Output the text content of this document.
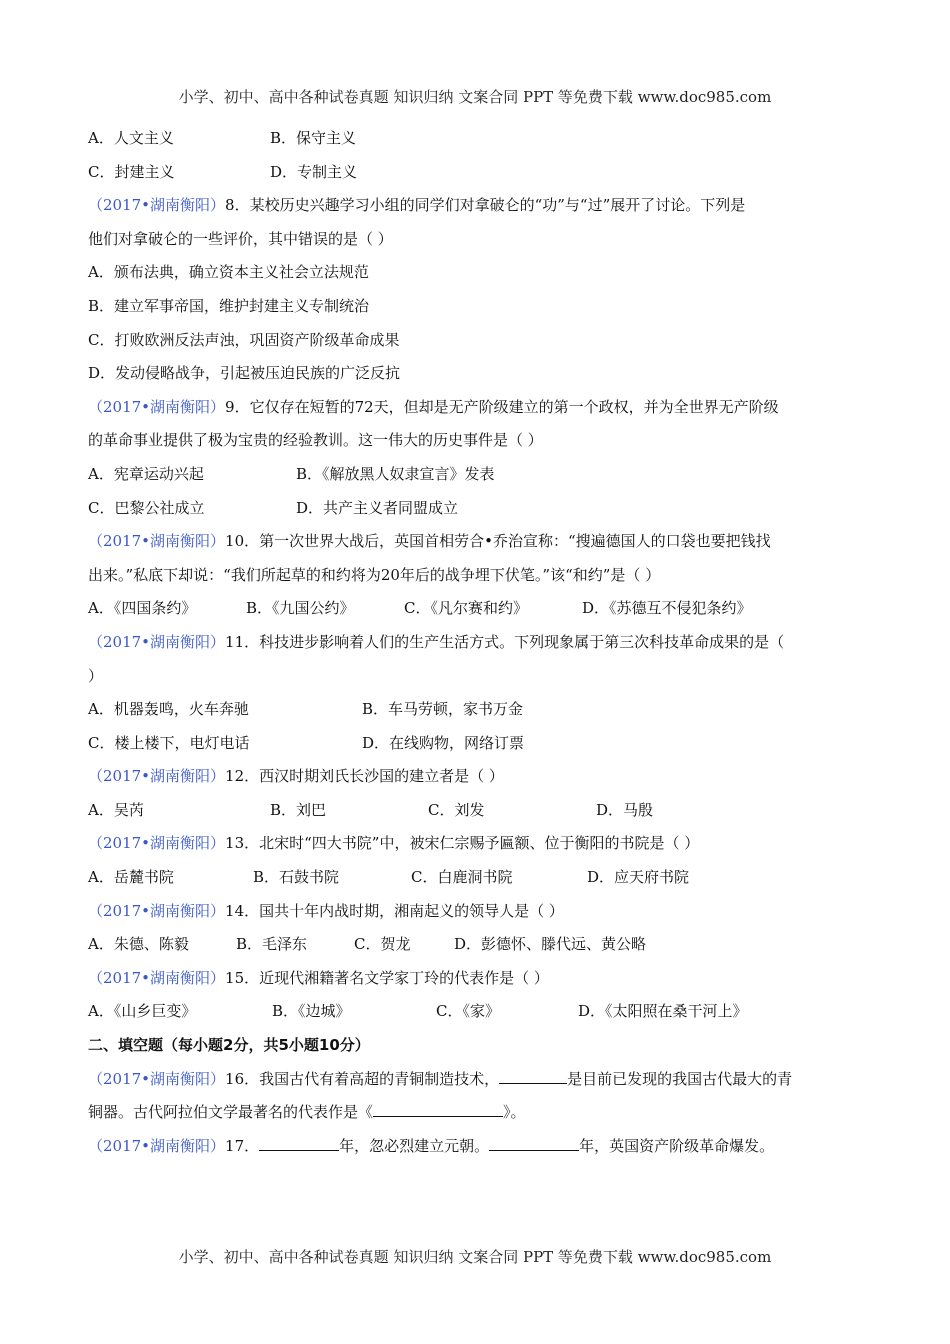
小学、初中、高中各种试卷真题 知识归纳 文案合同 PPT 等免费下载 www.doc985.com
A．人文主义	B．保守主义
C．封建主义	D．专制主义
（2017•湖南衡阳）8．某校历史兴趣学习小组的同学们对拿破仑的“功”与“过”展开了讨论。下列是
他们对拿破仑的一些评价，其中错误的是（ ）
A．颁布法典，确立资本主义社会立法规范
B．建立军事帝国，维护封建主义专制统治
C．打败欧洲反法声浊，巩固资产阶级革命成果
D．发动侵略战争，引起被压迫民族的广泛反抗
（2017•湖南衡阳）9．它仅存在短暂的72天，但却是无产阶级建立的第一个政权，并为全世界无产阶级
的革命事业提供了极为宝贵的经验教训。这一伟大的历史事件是（ ）
A．宪章运动兴起	B．《解放黑人奴隶宣言》发表
C．巴黎公社成立	D．共产主义者同盟成立
（2017•湖南衡阳）10．第一次世界大战后，英国首相劳合•乔治宣称：“搜遍德国人的口袋也要把钱找
出来。”私底下却说：“我们所起草的和约将为20年后的战争埋下伏笔。”该“和约”是（ ）
A．《四国条约》	B．《九国公约》	C．《凡尔赛和约》	D．《苏德互不侵犯条约》
（2017•湖南衡阳）11．科技进步影响着人们的生产生活方式。下列现象属于第三次科技革命成果的是（
）
A．机器轰鸣，火车奔驰	B．车马劳顿，家书万金
C．楼上楼下，电灯电话	D．在线购物，网络订票
（2017•湖南衡阳）12．西汉时期刘氏长沙国的建立者是（ ）
A．吴芮	B．刘巴	C．刘发	D．马殷
（2017•湖南衡阳）13．北宋时“四大书院”中，被宋仁宗赐予匾额、位于衡阳的书院是（ ）
A．岳麓书院	B．石鼓书院	C．白鹿洞书院	D．应天府书院
（2017•湖南衡阳）14．国共十年内战时期，湘南起义的领导人是（ ）
A．朱德、陈毅	B．毛泽东	C．贺龙	D．彭德怀、滕代远、黄公略
（2017•湖南衡阳）15．近现代湘籍著名文学家丁玲的代表作是（ ）
A．《山乡巨变》	B．《边城》	C．《家》	D．《太阳照在桑干河上》
二、填空题（每小题2分，共5小题10分）
（2017•湖南衡阳）16．我国古代有着高超的青铜制造技术，	是目前已发现的我国古代最大的青
铜器。古代阿拉伯文学最著名的代表作是《	》。
（2017•湖南衡阳）17．	年，忽必烈建立元朝。	年，英国资产阶级革命爆发。
小学、初中、高中各种试卷真题 知识归纳 文案合同 PPT 等免费下载 www.doc985.com
